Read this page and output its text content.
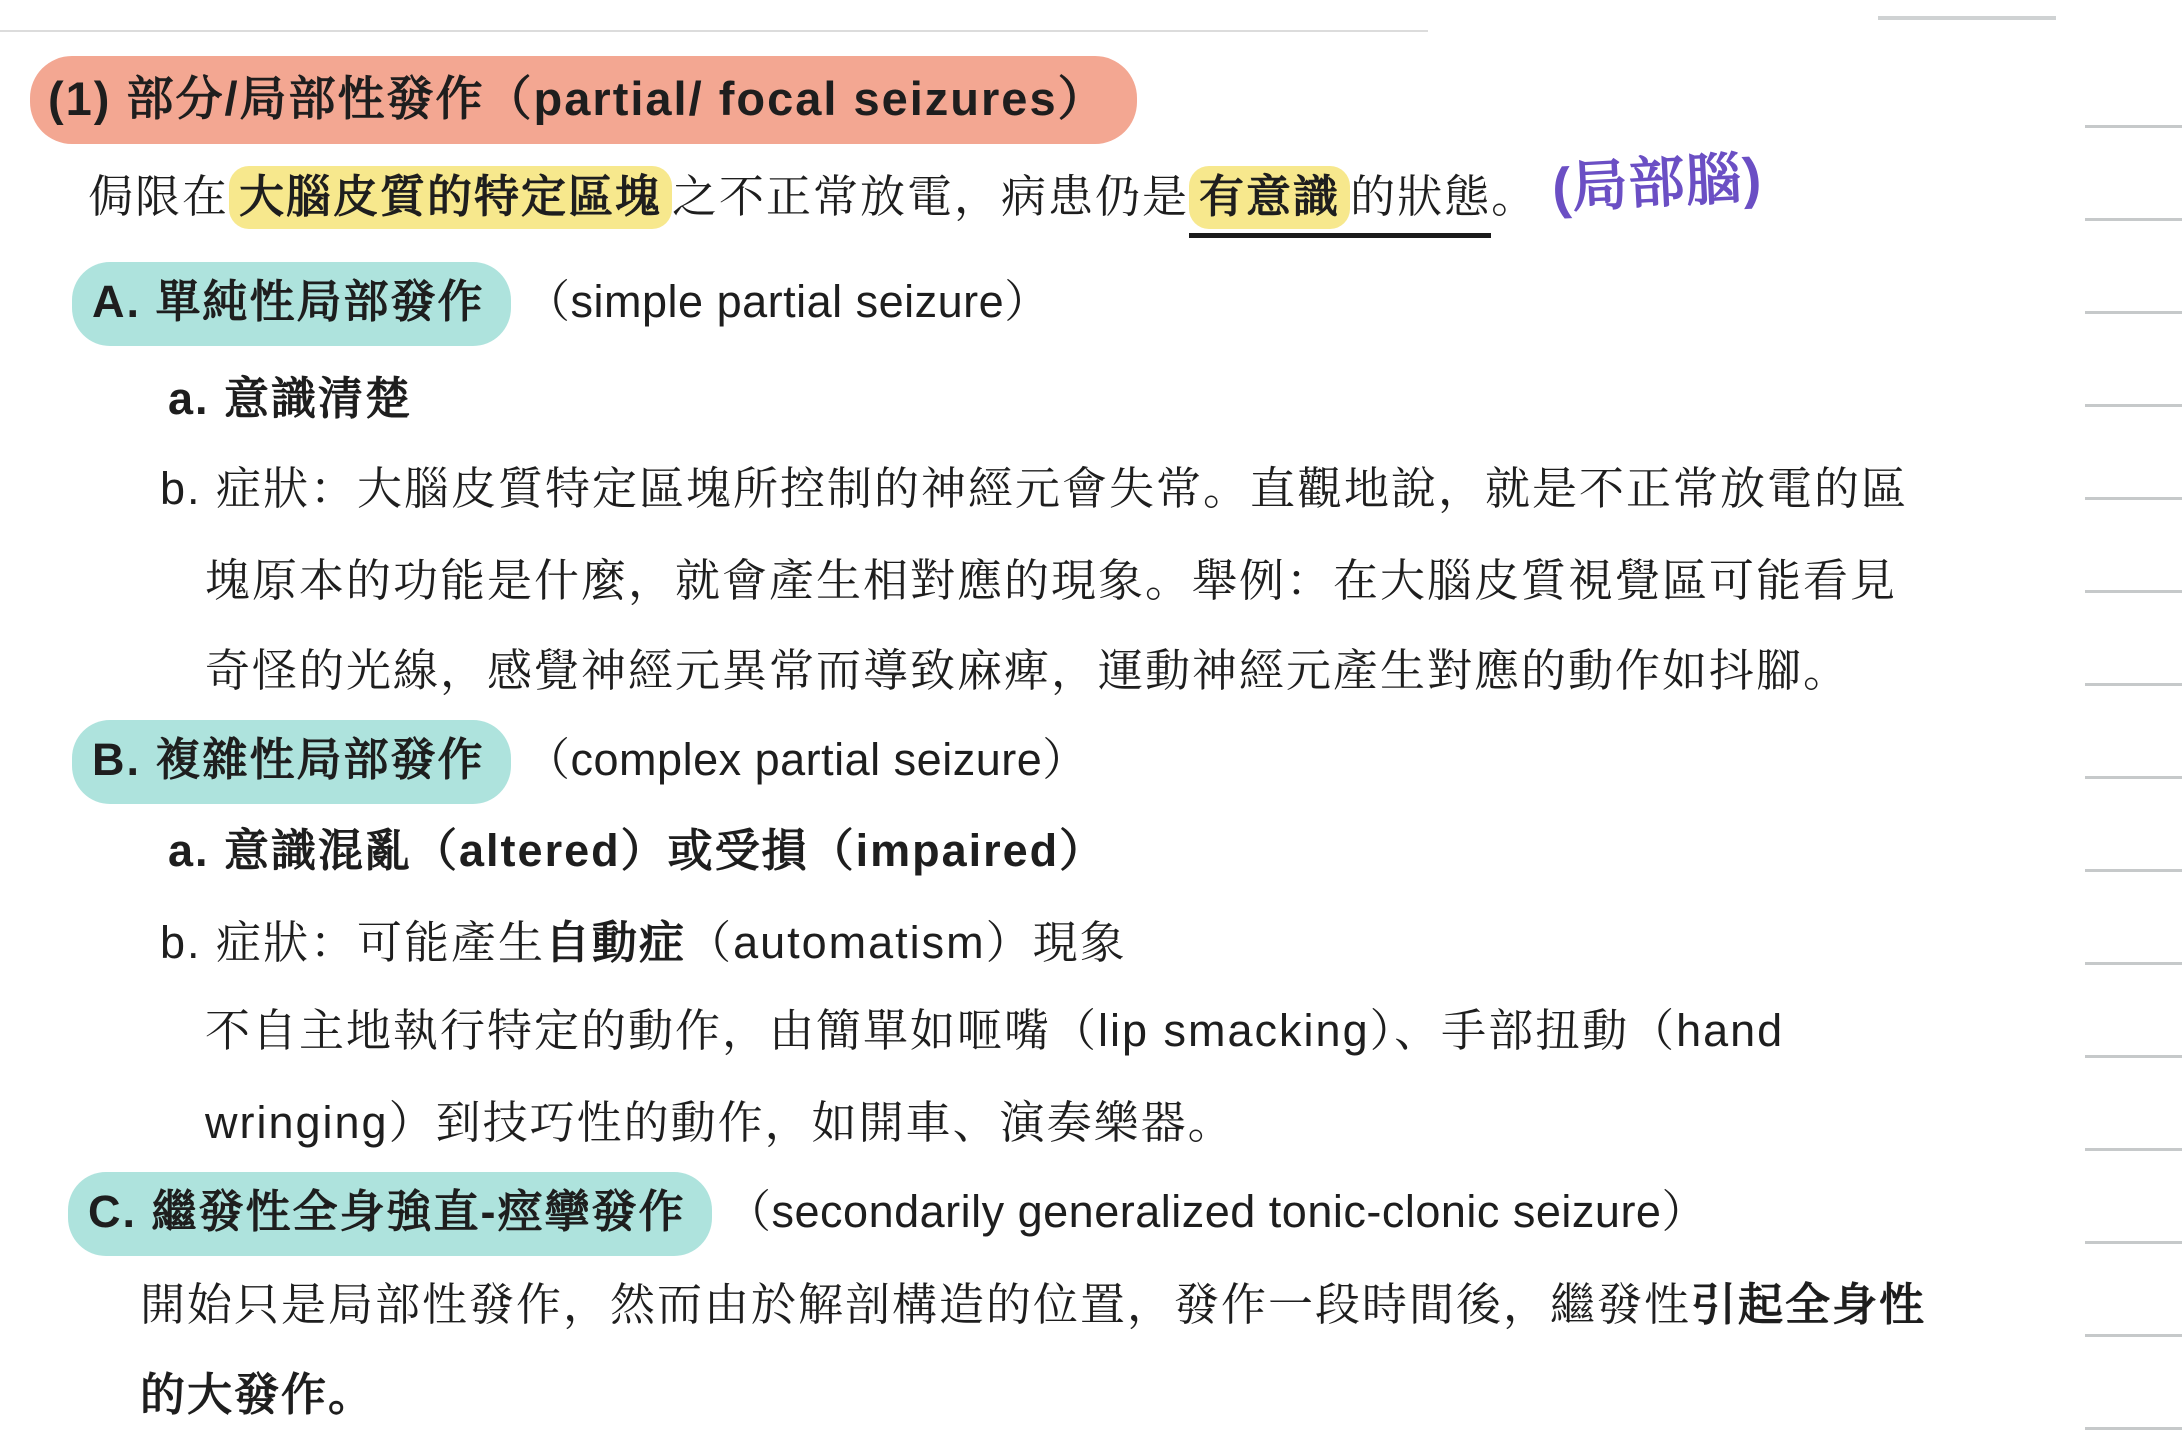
(1) 部分/局部性發作（partial/ focal seizures）
侷限在 大腦皮質的特定區塊 之不正常放電，病患仍是 有意識 的狀態。 (局部腦)
A. 單純性局部發作 （simple partial seizure）
a. 意識清楚
b. 症狀：大腦皮質特定區塊所控制的神經元會失常。直觀地說，就是不正常放電的區
塊原本的功能是什麼，就會產生相對應的現象。舉例：在大腦皮質視覺區可能看見
奇怪的光線，感覺神經元異常而導致麻痺，運動神經元產生對應的動作如抖腳。
B. 複雜性局部發作 （complex partial seizure）
a. 意識混亂（altered）或受損（impaired）
b. 症狀：可能產生自動症（automatism）現象
不自主地執行特定的動作，由簡單如咂嘴（lip smacking）、手部扭動（hand
wringing）到技巧性的動作，如開車、演奏樂器。
C. 繼發性全身強直-痙攣發作 （secondarily generalized tonic-clonic seizure）
開始只是局部性發作，然而由於解剖構造的位置，發作一段時間後，繼發性引起全身性
的大發作。
